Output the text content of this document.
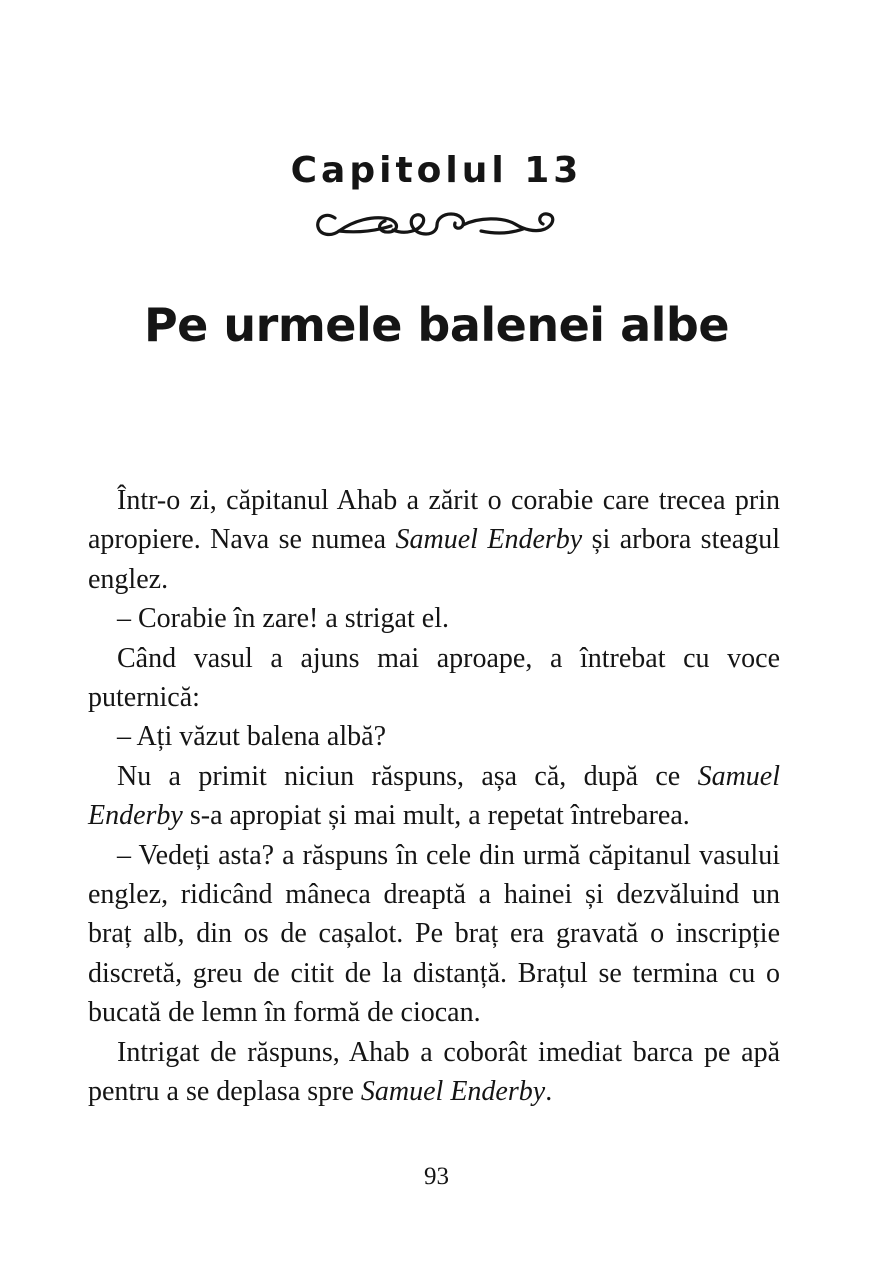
Capitolul 13
Pe urmele balenei albe

Într-o zi, căpitanul Ahab a zărit o corabie care trecea prin apropiere. Nava se numea Samuel Enderby și arbora steagul englez.

– Corabie în zare! a strigat el.

Când vasul a ajuns mai aproape, a întrebat cu voce puternică:

– Ați văzut balena albă?

Nu a primit niciun răspuns, așa că, după ce Samuel Enderby s-a apropiat și mai mult, a repetat întrebarea.

– Vedeți asta? a răspuns în cele din urmă căpitanul vasului englez, ridicând mâneca dreaptă a hainei și dezvăluind un braț alb, din os de cașalot. Pe braț era gravată o inscripție discretă, greu de citit de la distanță. Brațul se termina cu o bucată de lemn în formă de ciocan.

Intrigat de răspuns, Ahab a coborât imediat barca pe apă pentru a se deplasa spre Samuel Enderby.

93
